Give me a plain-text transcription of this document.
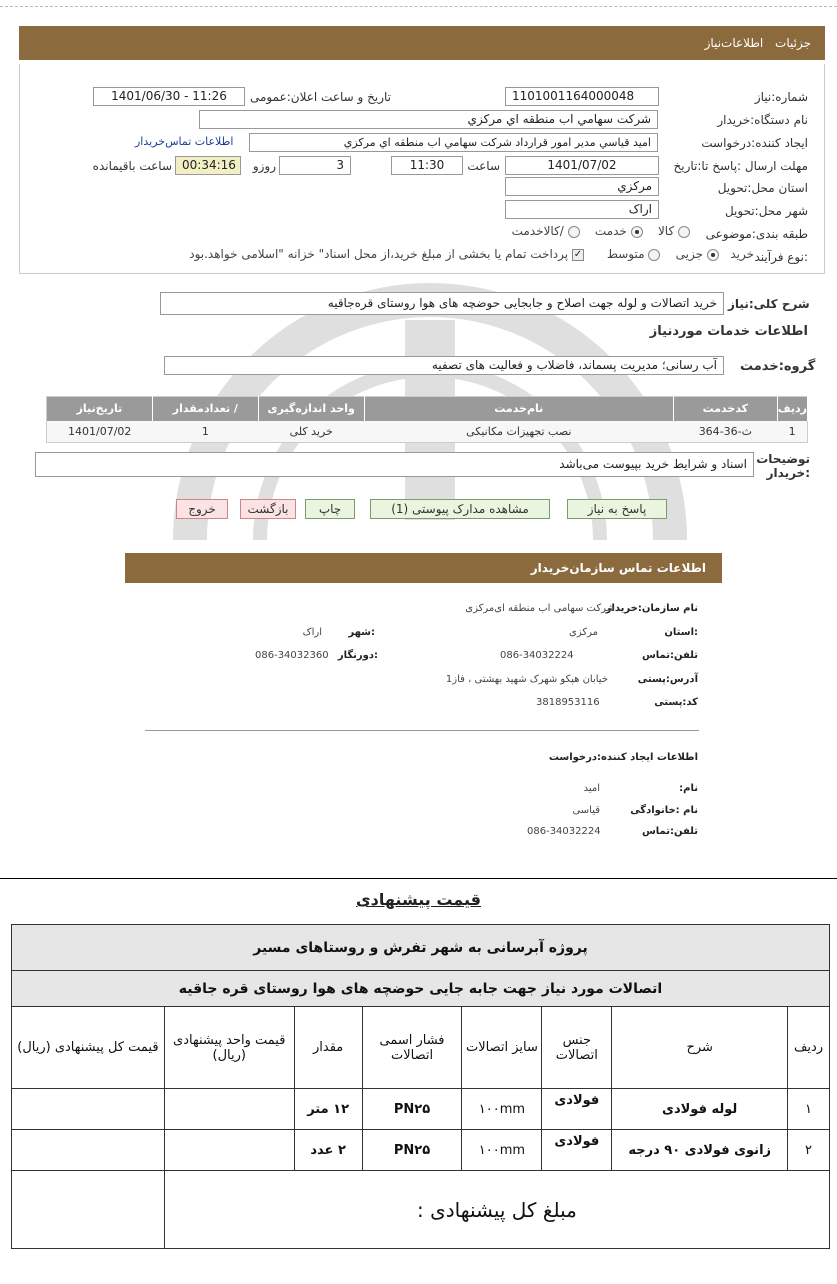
جزئیات اطلاعات‌نیاز
شماره:نیاز
1101001164000048
تاریخ و ساعت اعلان:عمومی
1401/06/30 - 11:26
نام دستگاه:خریدار
شرکت سهامي اب منطقه اي مرکزي
ایجاد کننده:درخواست
امید قیاسي مدیر امور قرارداد شرکت سهامي اب منطقه اي مرکزي
اطلاعات تماس‌خریدار
مهلت ارسال :پاسخ تا:تاریخ
1401/07/02
ساعت
11:30
3
روزو
00:34:16
ساعت باقیمانده
استان محل:تحویل
مرکزي
شهر محل:تحویل
اراک
طبقه بندی:موضوعی
کالا     خدمت     /کالاخدمت
نوع فرآیند:
خرید    جزیی     متوسط      ✓ پرداخت تمام یا بخشی از مبلغ خرید،از محل اسناد" خزانه "اسلامی خواهد.بود
شرح کلی:نیاز
خرید اتصالات و لوله جهت اصلاح و جابجایی حوضچه های هوا روستای قره‌جاقیه
اطلاعات خدمات موردنیاز
گروه:خدمت
آب رسانی؛ مدیریت پسماند، فاضلاب و فعالیت های تصفیه
ردیف	کدخدمت	نام‌خدمت	واحد اندازه‌گیری	/ تعدادمقدار	تاریخ‌نیاز
1	ث-36-364	نصب تجهیزات مکانیکی	خرید کلی	1	1401/07/02
توضیحات :خریدار
اسناد و شرایط خرید بپیوست می‌باشد
پاسخ به نیاز
مشاهده مدارک پیوستی (1)
چاپ
بازگشت
خروج
اطلاعات تماس سازمان‌خریدار
نام سازمان:خریدار
شرکت سهامی اب منطقه ای‌مرکزی
:استان
مرکزی
:شهر
اراک
تلفن:تماس
086-34032224
:دورنگار
086-34032360
آدرس:پستی
خیابان هپکو شهرک شهید بهشتی ، فاز1
کد:پستی
3818953116
اطلاعات ایجاد کننده:درخواست
نام:
امید
نام :خانوادگی
قیاسی
تلفن:تماس
086-34032224
قیمت پیشنهادی
پروژه آبرسانی به شهر تفرش و روستاهای مسیر							
اتصالات مورد نیاز جهت جابه جایی حوضچه های هوا روستای قره جاقیه							
ردیف	شرح	جنس اتصالات	سایز اتصالات	فشار اسمی اتصالات	مقدار	قیمت واحد پیشنهادی (ریال)	قیمت کل پیشنهادی (ریال)
۱	لوله فولادی	فولادی	۱۰۰mm	PN۲۵	۱۲ متر		
۲	زانوی فولادی ۹۰ درجه	فولادی	۱۰۰mm	PN۲۵	۲ عدد		
مبلغ کل پیشنهادی :							
